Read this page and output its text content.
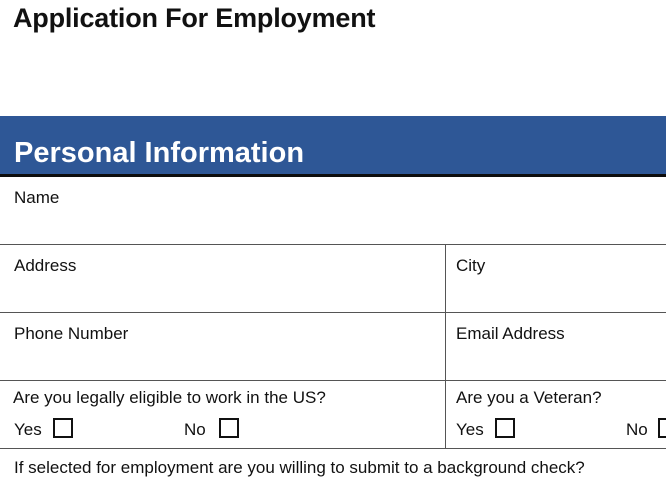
Application For Employment
Personal Information
Name
Address	City
Phone Number	Email Address
Are you legally eligible to work in the US?
Yes	No
Are you a Veteran?
Yes	No
If selected for employment are you willing to submit to a background check?
